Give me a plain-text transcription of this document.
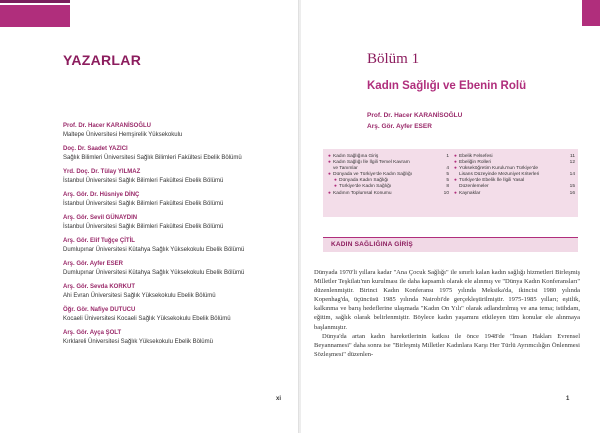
YAZARLAR
Prof. Dr. Hacer KARANİSOĞLU
Maltepe Üniversitesi Hemşirelik Yüksekokulu
Doç. Dr. Saadet YAZICI
Sağlık Bilimleri Üniversitesi Sağlık Bilimleri Fakültesi Ebelik Bölümü
Yrd. Doç. Dr. Tülay YILMAZ
İstanbul Üniversitesi Sağlık Bilimleri Fakültesi Ebelik Bölümü
Arş. Gör. Dr. Hüsniye DİNÇ
İstanbul Üniversitesi Sağlık Bilimleri Fakültesi Ebelik Bölümü
Arş. Gör. Sevil GÜNAYDIN
İstanbul Üniversitesi Sağlık Bilimleri Fakültesi Ebelik Bölümü
Arş. Gör. Elif Tuğçe ÇİTİL
Dumlupınar Üniversitesi Kütahya Sağlık Yüksekokulu Ebelik Bölümü
Arş. Gör. Ayfer ESER
Dumlupınar Üniversitesi Kütahya Sağlık Yüksekokulu Ebelik Bölümü
Arş. Gör. Sevda KORKUT
Ahi Evran Üniversitesi Sağlık Yüksekokulu Ebelik Bölümü
Öğr. Gör. Nafiye DUTUCU
Kocaeli Üniversitesi Kocaeli Sağlık Yüksekokulu Ebelik Bölümü
Arş. Gör. Ayça ŞOLT
Kırklareli Üniversitesi Sağlık Yüksekokulu Ebelik Bölümü
xi
Bölüm 1
Kadın Sağlığı ve Ebenin Rolü
Prof. Dr. Hacer KARANİSOĞLU
Arş. Gör. Ayfer ESER
● Kadın Sağlığına Giriş	1
● Kadın Sağlığı İle İlgili Temel Kavram
ve Tanımlar	4
● Dünyada ve Türkiye'de Kadın Sağlığı	5
● Dünyada Kadın Sağlığı	5
● Türkiye'de Kadın Sağlığı	8
● Kadının Toplumsal Konumu	10
● Ebelik Felsefesi	11
● Ebeliğin Rolleri	12
● Yükseköğretim Kurulu'nun Türkiye'de
Lisans Düzeyinde Mezuniyet Kriterleri	14
● Türkiye'de Ebelik İle İlgili Yasal
Düzenlemeler	15
● Kaynaklar	16
KADIN SAĞLIĞINA GİRİŞ

Dünyada 1970'li yıllara kadar "Ana Çocuk Sağlığı" ile sınırlı kalan kadın sağlığı hizmetleri Birleşmiş Milletler Teşkilatı'nın kurulması ile daha kapsamlı olarak ele alınmış ve "Dünya Kadın Konferansları" düzenlenmiştir. Birinci Kadın Konferansı 1975 yılında Meksika'da, ikincisi 1980 yılında Kopenhag'da, üçüncüsü 1985 yılında Nairobi'de gerçekleştirilmiştir. 1975-1985 yılları; eşitlik, kalkınma ve barış hedeflerine ulaşmada "Kadın On Yılı" olarak adlandırılmış ve ana tema; istihdam, eğitim, sağlık olarak belirlenmiştir. Böylece kadın yaşamını etkileyen tüm konular ele alınmaya başlanmıştır.

Dünya'da artan kadın hareketlerinin katkısı ile önce 1948'de "İnsan Hakları Evrensel Beyannamesi" daha sonra ise "Birleşmiş Milletler Kadınlara Karşı Her Türlü Ayrımcılığın Önlenmesi Sözleşmesi" düzenlen-

1
